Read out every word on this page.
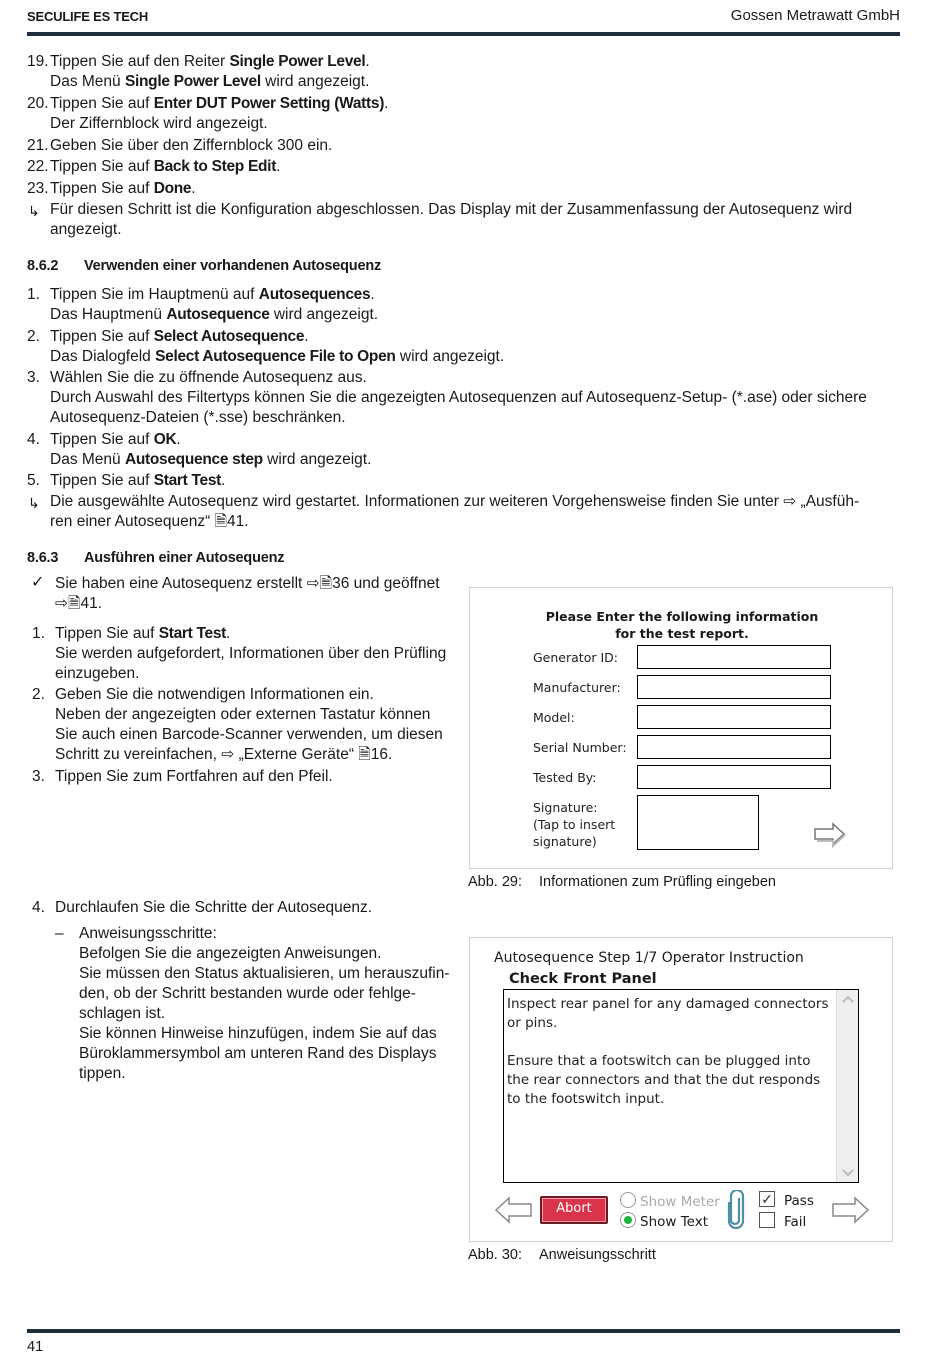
SECULIFE ES TECH	Gossen Metrawatt GmbH
19. Tippen Sie auf den Reiter Single Power Level.
Das Menü Single Power Level wird angezeigt.
20. Tippen Sie auf Enter DUT Power Setting (Watts).
Der Ziffernblock wird angezeigt.
21. Geben Sie über den Ziffernblock 300 ein.
22. Tippen Sie auf Back to Step Edit.
23. Tippen Sie auf Done.
↳ Für diesen Schritt ist die Konfiguration abgeschlossen. Das Display mit der Zusammenfassung der Autosequenz wird
angezeigt.
8.6.2 Verwenden einer vorhandenen Autosequenz
1. Tippen Sie im Hauptmenü auf Autosequences.
Das Hauptmenü Autosequence wird angezeigt.
2. Tippen Sie auf Select Autosequence.
Das Dialogfeld Select Autosequence File to Open wird angezeigt.
3. Wählen Sie die zu öffnende Autosequenz aus.
Durch Auswahl des Filtertyps können Sie die angezeigten Autosequenzen auf Autosequenz-Setup- (*.ase) oder sichere
Autosequenz-Dateien (*.sse) beschränken.
4. Tippen Sie auf OK.
Das Menü Autosequence step wird angezeigt.
5. Tippen Sie auf Start Test.
↳ Die ausgewählte Autosequenz wird gestartet. Informationen zur weiteren Vorgehensweise finden Sie unter ⇨ „Ausfüh-
ren einer Autosequenz“ 🗎41.
8.6.3 Ausführen einer Autosequenz
✓ Sie haben eine Autosequenz erstellt ⇨🗎36 und geöffnet
⇨🗎41.
1. Tippen Sie auf Start Test.
Sie werden aufgefordert, Informationen über den Prüfling
einzugeben.
2. Geben Sie die notwendigen Informationen ein.
Neben der angezeigten oder externen Tastatur können
Sie auch einen Barcode-Scanner verwenden, um diesen
Schritt zu vereinfachen, ⇨ „Externe Geräte“ 🗎16.
3. Tippen Sie zum Fortfahren auf den Pfeil.
4. Durchlaufen Sie die Schritte der Autosequenz.
– Anweisungsschritte:
Befolgen Sie die angezeigten Anweisungen.
Sie müssen den Status aktualisieren, um herauszufin-
den, ob der Schritt bestanden wurde oder fehlge-
schlagen ist.
Sie können Hinweise hinzufügen, indem Sie auf das
Büroklammersymbol am unteren Rand des Displays
tippen.
Please Enter the following information
for the test report.
Generator ID:
Manufacturer:
Model:
Serial Number:
Tested By:
Signature:
(Tap to insert
signature)
Abb. 29: Informationen zum Prüfling eingeben
Autosequence Step 1/7 Operator Instruction
Check Front Panel
Inspect rear panel for any damaged connectors
or pins.

Ensure that a footswitch can be plugged into
the rear connectors and that the dut responds
to the footswitch input.
Abort	Show Meter
Show Text
✓ Pass
Fail
Abb. 30: Anweisungsschritt
41
